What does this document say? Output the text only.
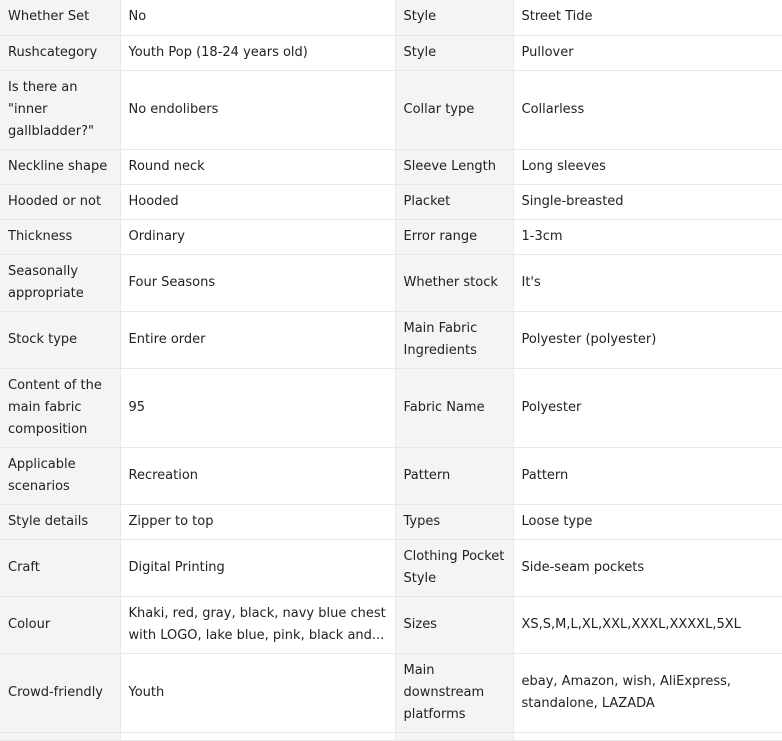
Whether Set	No	Style	Street Tide
Rushcategory	Youth Pop (18-24 years old)	Style	Pullover
Is there an "inner gallbladder?"	No endolibers	Collar type	Collarless
Neckline shape	Round neck	Sleeve Length	Long sleeves
Hooded or not	Hooded	Placket	Single-breasted
Thickness	Ordinary	Error range	1-3cm
Seasonally appropriate	Four Seasons	Whether stock	It's
Stock type	Entire order	Main Fabric Ingredients	Polyester (polyester)
Content of the main fabric composition	95	Fabric Name	Polyester
Applicable scenarios	Recreation	Pattern	Pattern
Style details	Zipper to top	Types	Loose type
Craft	Digital Printing	Clothing Pocket Style	Side-seam pockets
Colour	Khaki, red, gray, black, navy blue chest with LOGO, lake blue, pink, black and...	Sizes	XS,S,M,L,XL,XXL,XXXL,XXXXL,5XL
Crowd-friendly	Youth	Main downstream platforms	ebay, Amazon, wish, AliExpress, standalone, LAZADA
